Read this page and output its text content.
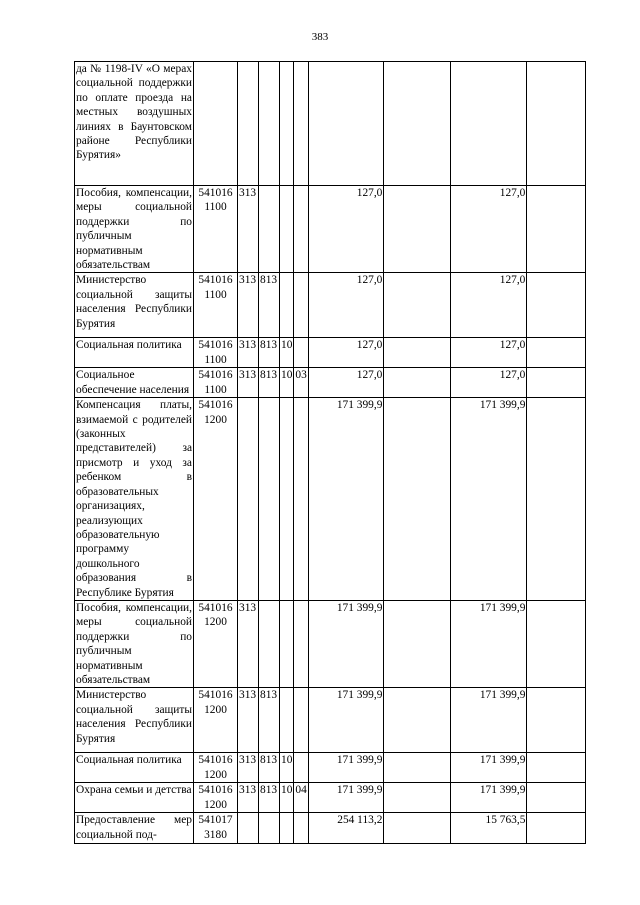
383
да № 1198-IV «О мерах социальной поддержки по оплате проезда на местных воздушных линиях в Баунтовском районе Республики Бурятия»									
Пособия, компенсации, меры социальной поддержки по публичным нормативным обязательствам	541016 1100	313				127,0		127,0	
Министерство социальной защиты населения Республики Бурятия	541016 1100	313	813			127,0		127,0	
Социальная политика	541016 1100	313	813	10		127,0		127,0	
Социальное обеспечение населения	541016 1100	313	813	10	03	127,0		127,0	
Компенсация платы, взимаемой с родителей (законных представителей) за присмотр и уход за ребенком в образовательных организациях, реализующих образовательную программу дошкольного образования в Республике Бурятия	541016 1200					171 399,9		171 399,9	
Пособия, компенсации, меры социальной поддержки по публичным нормативным обязательствам	541016 1200	313				171 399,9		171 399,9	
Министерство социальной защиты населения Республики Бурятия	541016 1200	313	813			171 399,9		171 399,9	
Социальная политика	541016 1200	313	813	10		171 399,9		171 399,9	
Охрана семьи и детства	541016 1200	313	813	10	04	171 399,9		171 399,9	
Предоставление мер социальной под-	541017 3180					254 113,2		15 763,5	
